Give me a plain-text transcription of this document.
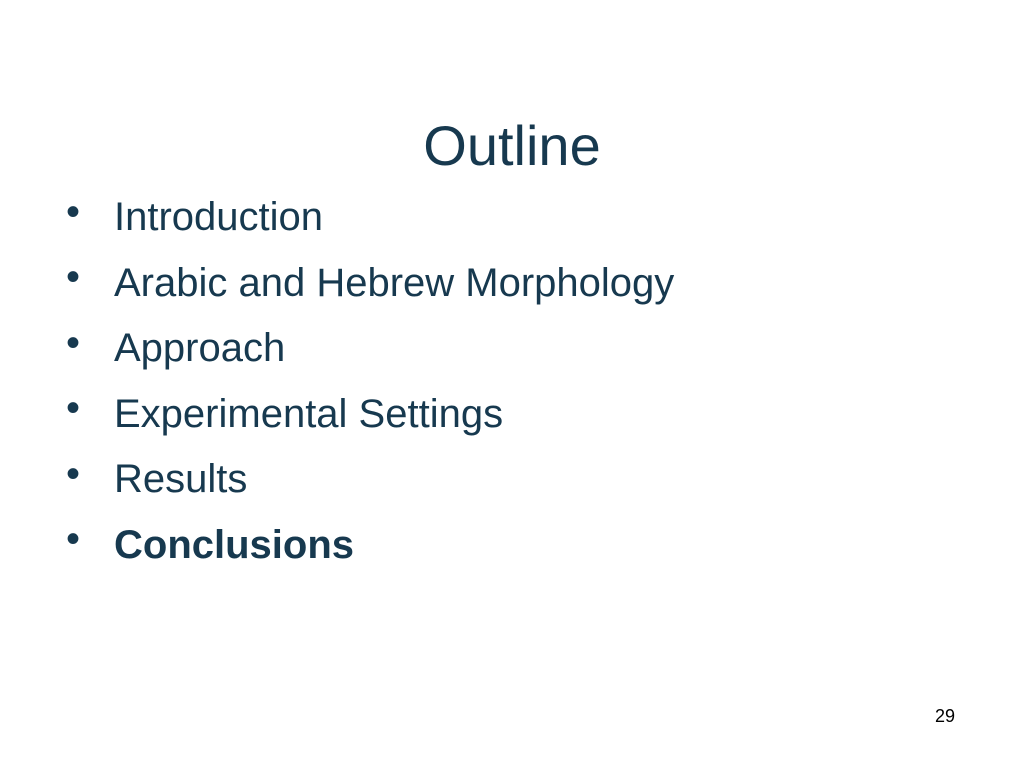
Outline
• Introduction
• Arabic and Hebrew Morphology
• Approach
• Experimental Settings
• Results
• Conclusions
29
